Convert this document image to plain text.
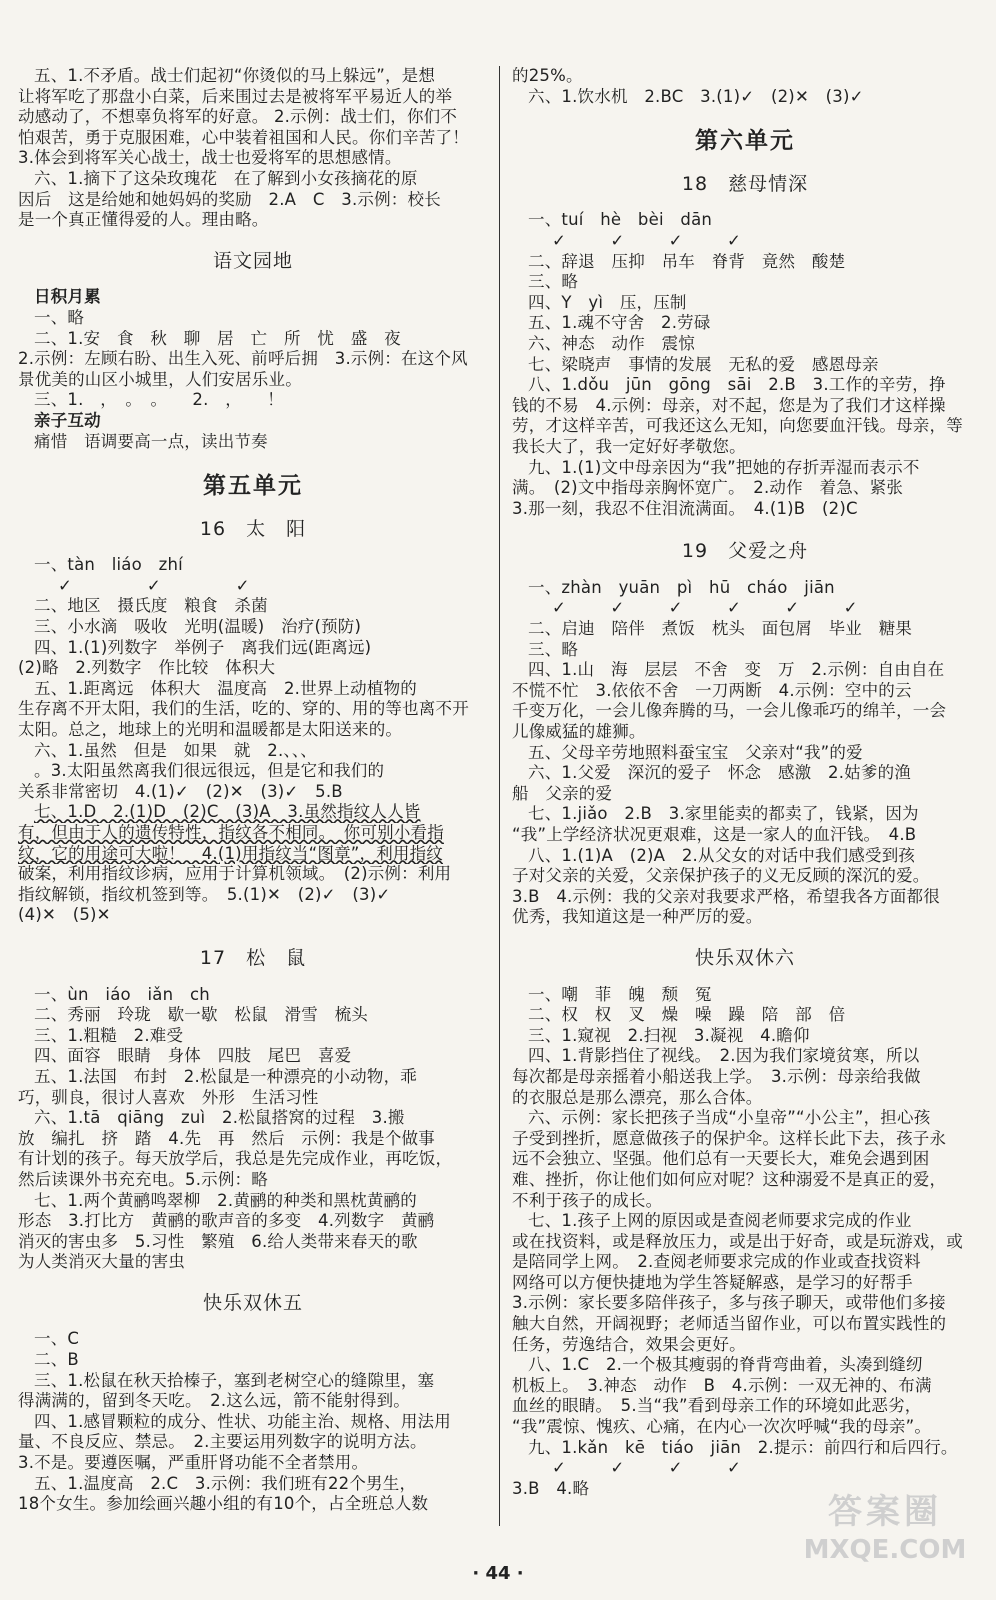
五、1.不矛盾。战士们起初“你烫似的马上躲远”，是想
让将军吃了那盘小白菜，后来围过去是被将军平易近人的举
动感动了，不想辜负将军的好意。 2.示例：战士们，你们不
怕艰苦，勇于克服困难，心中装着祖国和人民。你们辛苦了！
3.体会到将军关心战士，战士也爱将军的思想感情。
六、1.摘下了这朵玫瑰花　在了解到小女孩摘花的原
因后　这是给她和她妈妈的奖励　2.A　C　3.示例：校长
是一个真正懂得爱的人。理由略。
语文园地
日积月累
一、略
二、1.安　食　秋　聊　居　亡　所　忧　盛　夜
2.示例：左顾右盼、出生入死、前呼后拥　3.示例：在这个风
景优美的山区小城里，人们安居乐业。
三、1.　，　。　。　　2.　，　　！
亲子互动
痛惜　语调要高一点，读出节奏
第五单元
16　太　阳
一、tàn　liáo　zhí
✓　　✓　　✓
二、地区　摄氏度　粮食　杀菌
三、小水滴　吸收　光明(温暖)　治疗(预防)
四、1.(1)列数字　举例子　离我们远(距离远)
(2)略　2.列数字　作比较　体积大
五、1.距离远　体积大　温度高　2.世界上动植物的
生存离不开太阳，我们的生活，吃的、穿的、用的等也离不开
太阳。总之，地球上的光明和温暖都是太阳送来的。
六、1.虽然　但是　如果　就　2.、、、　
。3.太阳虽然离我们很远很远，但是它和我们的
关系非常密切　4.(1)✓　(2)✕　(3)✓　5.B
七、1.D　2.(1)D　(2)C　(3)A　3.虽然指纹人人皆
有，但由于人的遗传特性，指纹各不相同。　你可别小看指
纹，它的用途可大啦！　4.(1)用指纹当“图章”，利用指纹
破案，利用指纹诊病，应用于计算机领域。　(2)示例：利用
指纹解锁，指纹机签到等。　5.(1)✕　(2)✓　(3)✓
(4)✕　(5)✕
17　松　鼠
一、ùn　iáo　iǎn　ch
二、秀丽　玲珑　歇一歇　松鼠　滑雪　梳头
三、1.粗糙　2.难受
四、面容　眼睛　身体　四肢　尾巴　喜爱
五、1.法国　布封　2.松鼠是一种漂亮的小动物，乖
巧，驯良，很讨人喜欢　外形　生活习性
六、1.tā　qiāng　zuì　2.松鼠搭窝的过程　3.搬
放　编扎　挤　踏　4.先　再　然后　示例：我是个做事
有计划的孩子。每天放学后，我总是先完成作业，再吃饭，
然后读课外书充充电。5.示例：略
七、1.两个黄鹂鸣翠柳　2.黄鹂的种类和黑枕黄鹂的
形态　3.打比方　黄鹂的歌声音的多变　4.列数字　黄鹂
消灭的害虫多　5.习性　繁殖　6.给人类带来春天的歌
为人类消灭大量的害虫
快乐双休五
一、C
二、B
三、1.松鼠在秋天拾榛子，塞到老树空心的缝隙里，塞
得满满的，留到冬天吃。　2.这么远，箭不能射得到。
四、1.感冒颗粒的成分、性状、功能主治、规格、用法用
量、不良反应、禁忌。　2.主要运用列数字的说明方法。
3.不是。要遵医嘱，严重肝肾功能不全者禁用。
五、1.温度高　2.C　3.示例：我们班有22个男生，
18个女生。参加绘画兴趣小组的有10个，占全班总人数
的25%。
六、1.饮水机　2.BC　3.(1)✓　(2)✕　(3)✓
第六单元
18　慈母情深
一、tuí　hè　bèi　dān
✓　✓　✓　✓
二、辞退　压抑　吊车　脊背　竟然　酸楚
三、略
四、Y　yì　压，压制
五、1.魂不守舍　2.劳碌
六、神态　动作　震惊
七、梁晓声　事情的发展　无私的爱　感恩母亲
八、1.dǒu　jūn　gōng　sāi　2.B　3.工作的辛劳，挣
钱的不易　4.示例：母亲，对不起，您是为了我们才这样操
劳，才这样辛苦，可我还这么无知，向您要血汗钱。母亲，等
我长大了，我一定好好孝敬您。
九、1.(1)文中母亲因为“我”把她的存折弄湿而表示不
满。　(2)文中指母亲胸怀宽广。　2.动作　着急、紧张
3.那一刻，我忍不住泪流满面。　4.(1)B　(2)C
19　父爱之舟
一、zhàn　yuān　pì　hū　cháo　jiān
✓　✓　✓　✓　✓　✓
二、启迪　陪伴　煮饭　枕头　面包屑　毕业　糖果
三、略
四、1.山　海　层层　不舍　变　万　2.示例：自由自在
不慌不忙　3.依依不舍　一刀两断　4.示例：空中的云
千变万化，一会儿像奔腾的马，一会儿像乖巧的绵羊，一会
儿像威猛的雄狮。
五、父母辛劳地照料蚕宝宝　父亲对“我”的爱
六、1.父爱　深沉的爱子　怀念　感激　2.姑爹的渔
船　父亲的爱
七、1.jiǎo　2.B　3.家里能卖的都卖了，钱紧，因为
“我”上学经济状况更艰难，这是一家人的血汗钱。　4.B
八、1.(1)A　(2)A　2.从父女的对话中我们感受到孩
子对父亲的关爱，父亲保护孩子的义无反顾的深沉的爱。
3.B　4.示例：我的父亲对我要求严格，希望我各方面都很
优秀，我知道这是一种严厉的爱。
快乐双休六
一、嘲　菲　魄　颓　冤
二、权　权　叉　燥　噪　躁　陪　部　倍
三、1.窥视　2.扫视　3.凝视　4.瞻仰
四、1.背影挡住了视线。　2.因为我们家境贫寒，所以
每次都是母亲摇着小船送我上学。　3.示例：母亲给我做
的衣服总是那么漂亮，那么合体。
六、示例：家长把孩子当成“小皇帝”“小公主”，担心孩
子受到挫折，愿意做孩子的保护伞。这样长此下去，孩子永
远不会独立、坚强。他们总有一天要长大，难免会遇到困
难、挫折，你让他们如何应对呢？这种溺爱不是真正的爱，
不利于孩子的成长。
七、1.孩子上网的原因或是查阅老师要求完成的作业
或在找资料，或是释放压力，或是出于好奇，或是玩游戏，或
是陪同学上网。　2.查阅老师要求完成的作业或查找资料
网络可以方便快捷地为学生答疑解惑，是学习的好帮手
3.示例：家长要多陪伴孩子，多与孩子聊天，或带他们多接
触大自然，开阔视野；老师适当留作业，可以布置实践性的
任务，劳逸结合，效果会更好。
八、1.C　2.一个极其瘦弱的脊背弯曲着，头凑到缝纫
机板上。　3.神态　动作　B　4.示例：一双无神的、布满
血丝的眼睛。　5.当“我”看到母亲工作的环境如此恶劣，
“我”震惊、愧疚、心痛，在内心一次次呼喊“我的母亲”。
九、1.kǎn　kē　tiáo　jiān　2.提示：前四行和后四行。
✓　✓　✓　✓
3.B　4.略
· 44 ·
答案圈
MXQE.COM
